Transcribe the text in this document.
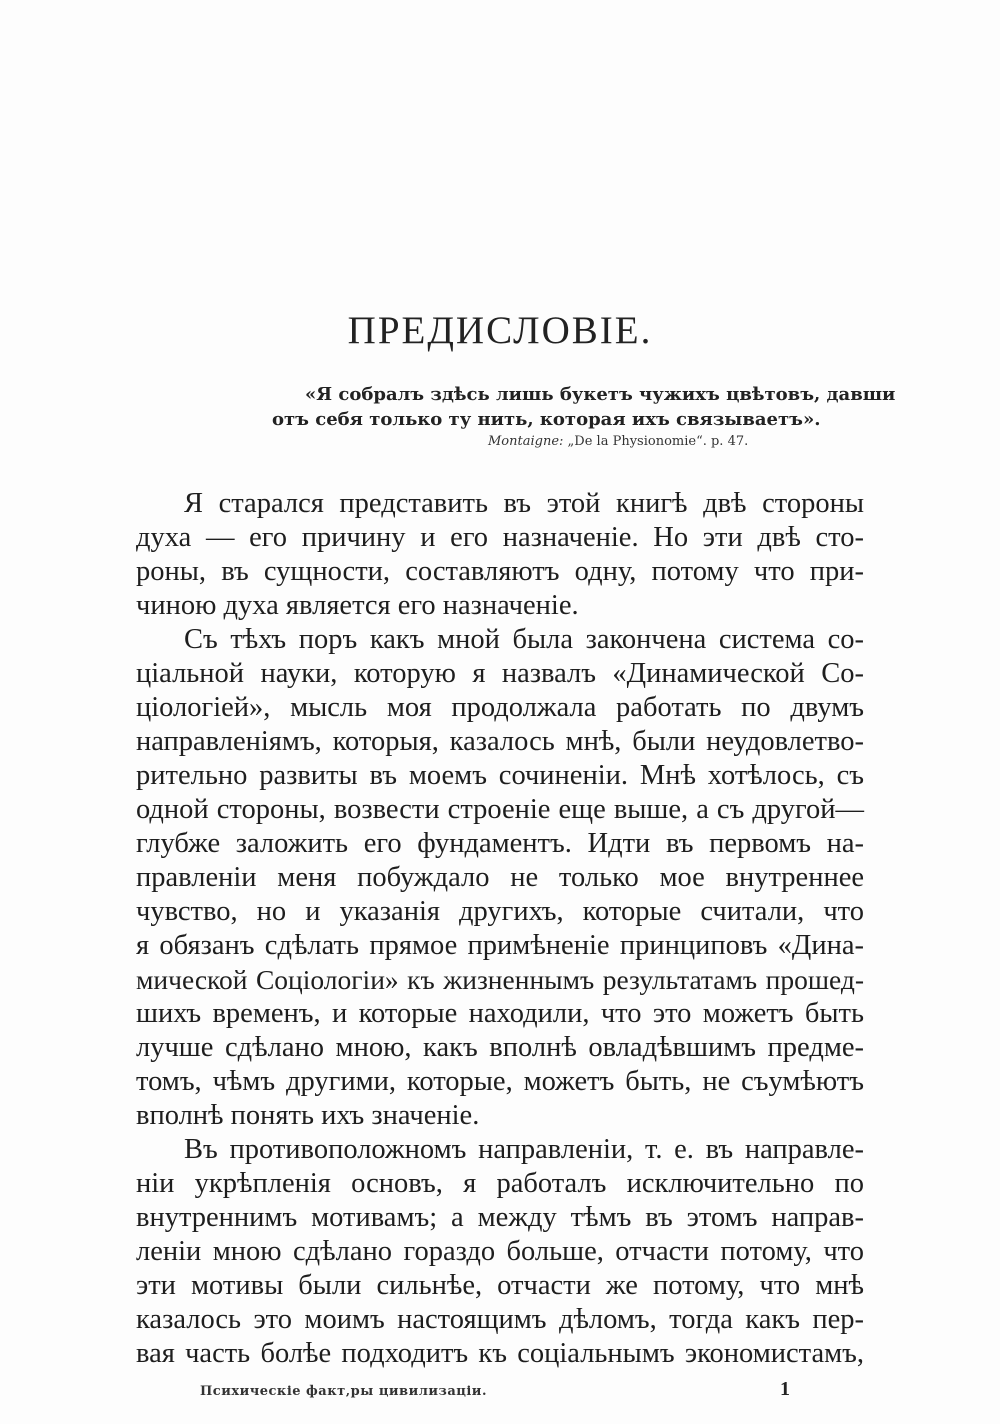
ПРЕДИСЛОВІЕ.
«Я собралъ здѣсь лишь букетъ чужихъ цвѣтовъ, давши
отъ себя только ту нить, которая ихъ связываетъ».
Montaigne: „De la Physionomie“. p. 47.
Я старался представить въ этой книгѣ двѣ стороны
духа — его причину и его назначеніе. Но эти двѣ сто-
роны, въ сущности, составляютъ одну, потому что при-
чиною духа является его назначеніе.
Съ тѣхъ поръ какъ мной была закончена система со-
ціальной науки, которую я назвалъ «Динамической Со-
ціологіей», мысль моя продолжала работать по двумъ
направленіямъ, которыя, казалось мнѣ, были неудовлетво-
рительно развиты въ моемъ сочиненіи. Мнѣ хотѣлось, съ
одной стороны, возвести строеніе еще выше, а съ другой—
глубже заложить его фундаментъ. Идти въ первомъ на-
правленіи меня побуждало не только мое внутреннее
чувство, но и указанія другихъ, которые считали, что
я обязанъ сдѣлать прямое примѣненіе принциповъ «Дина-
мической Соціологіи» къ жизненнымъ результатамъ прошед-
шихъ временъ, и которые находили, что это можетъ быть
лучше сдѣлано мною, какъ вполнѣ овладѣвшимъ предме-
томъ, чѣмъ другими, которые, можетъ быть, не съумѣютъ
вполнѣ понять ихъ значеніе.
Въ противоположномъ направленіи, т. е. въ направле-
ніи укрѣпленія основъ, я работалъ исключительно по
внутреннимъ мотивамъ; а между тѣмъ въ этомъ направ-
леніи мною сдѣлано гораздо больше, отчасти потому, что
эти мотивы были сильнѣе, отчасти же потому, что мнѣ
казалось это моимъ настоящимъ дѣломъ, тогда какъ пер-
вая часть болѣе подходитъ къ соціальнымъ экономистамъ,
Психическіе факт‚ры цивилизаціи.	1
